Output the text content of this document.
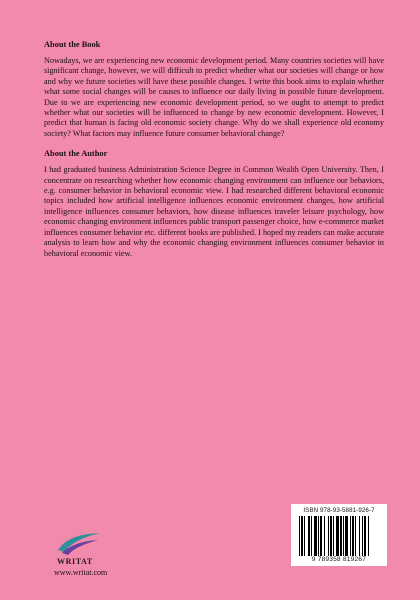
About the Book

Nowadays, we are experiencing new economic development period. Many countries societies will have significant change, however, we will difficult to predict whether what our societies will change or how and why we future societies will have these possible changes. I write this book aims to explain whether what some social changes will be causes to influence our daily living in possible future development. Due to we are experiencing new economic development period, so we ought to attempt to predict whether what our societies will be influenced to change by new economic development. However, I predict that human is facing old economic society change. Why do we shall experience old economy society? What factors may influence future consumer behavioral change?

About the Author

I had graduated business Administration Science Degree in Common Wealth Open University. Then, I concentrate on researching whether how economic changing environment can influence our behaviors, e.g. consumer behavior in behavioral economic view. I had researched different behavioral economic topics included how artificial intelligence influences economic environment changes, how artificial intelligence influences consumer behaviors, how disease influences traveler leisure psychology, how economic changing environment influences public transport passenger choice, how e-commerce market influences consumer behavior etc. different books are published. I hoped my readers can make accurate analysis to learn how and why the economic changing environment influences consumer behavior in behavioral economic view.

WRITAT
www.writat.com
ISBN 978-93-5881-926-7
9 789358 819267
